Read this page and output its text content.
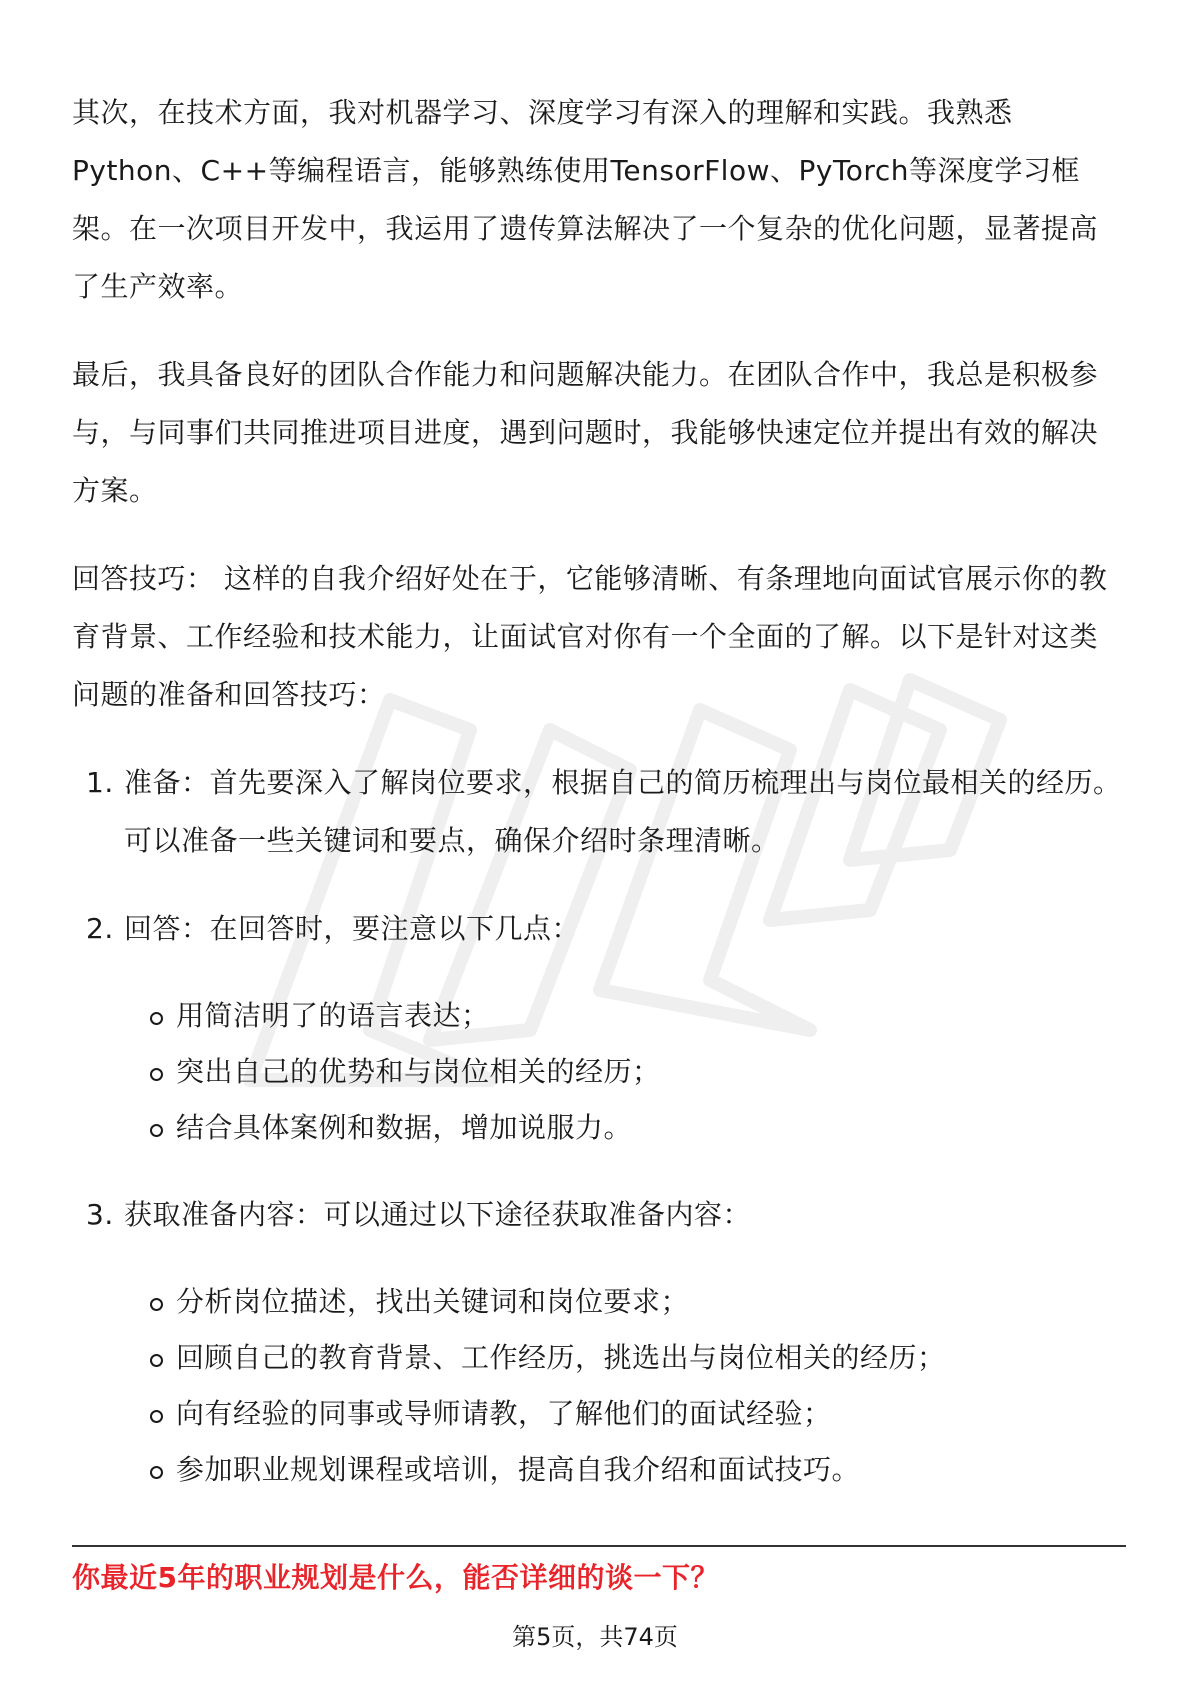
其次，在技术方面，我对机器学习、深度学习有深入的理解和实践。我熟悉Python、C++等编程语言，能够熟练使用TensorFlow、PyTorch等深度学习框架。在一次项目开发中，我运用了遗传算法解决了一个复杂的优化问题，显著提高了生产效率。

最后，我具备良好的团队合作能力和问题解决能力。在团队合作中，我总是积极参与，与同事们共同推进项目进度，遇到问题时，我能够快速定位并提出有效的解决方案。

回答技巧： 这样的自我介绍好处在于，它能够清晰、有条理地向面试官展示你的教育背景、工作经验和技术能力，让面试官对你有一个全面的了解。以下是针对这类问题的准备和回答技巧：

1. 准备：首先要深入了解岗位要求，根据自己的简历梳理出与岗位最相关的经历。可以准备一些关键词和要点，确保介绍时条理清晰。
2. 回答：在回答时，要注意以下几点：
用简洁明了的语言表达；
突出自己的优势和与岗位相关的经历；
结合具体案例和数据，增加说服力。
3. 获取准备内容：可以通过以下途径获取准备内容：
分析岗位描述，找出关键词和岗位要求；
回顾自己的教育背景、工作经历，挑选出与岗位相关的经历；
向有经验的同事或导师请教，了解他们的面试经验；
参加职业规划课程或培训，提高自我介绍和面试技巧。
你最近5年的职业规划是什么，能否详细的谈一下？
第5页，共74页
